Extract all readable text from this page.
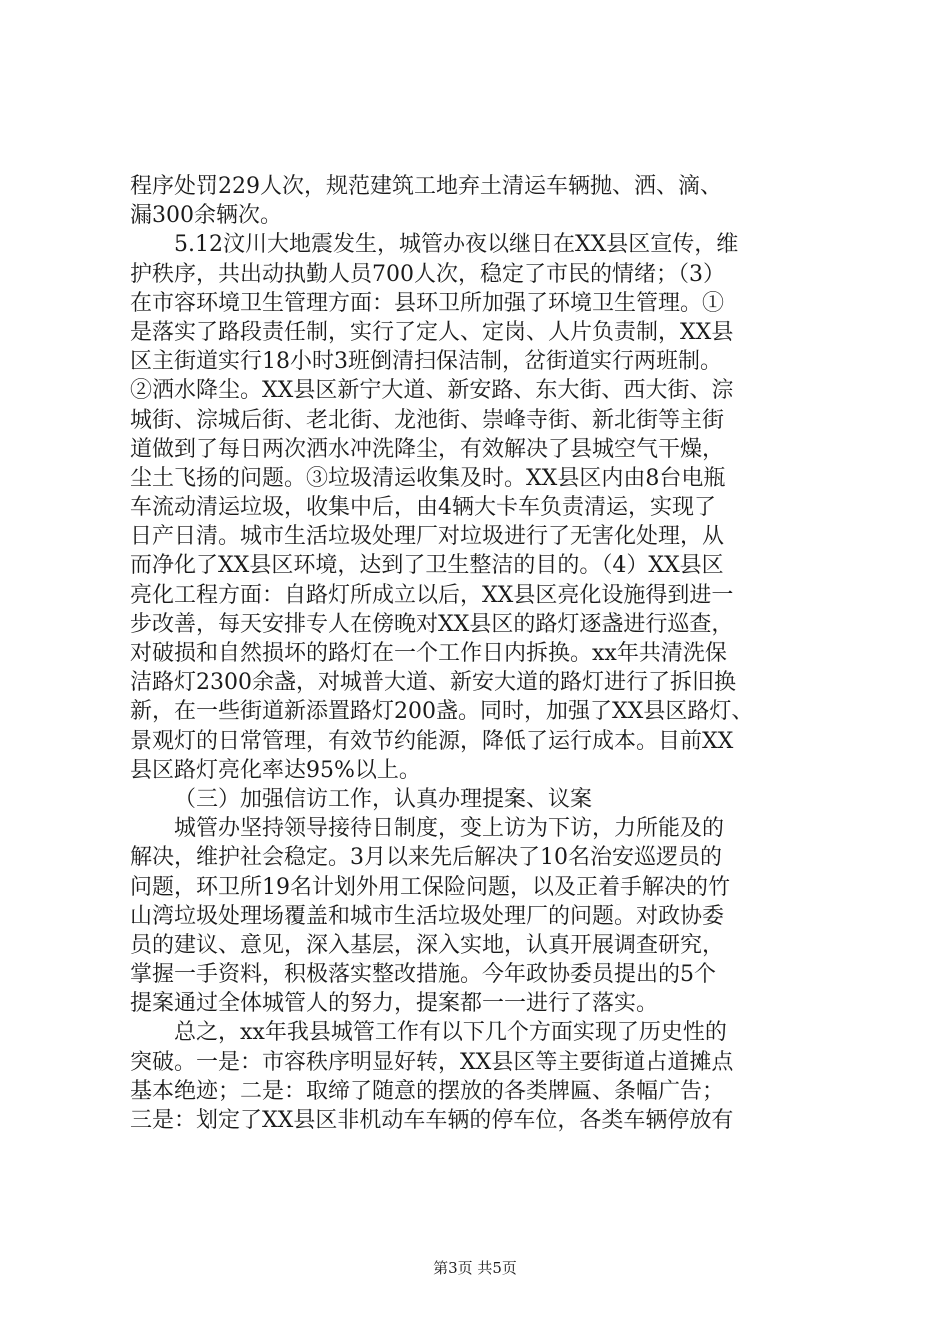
程序处罚229人次，规范建筑工地弃土清运车辆抛、洒、滴、
漏300余辆次。
5.12汶川大地震发生，城管办夜以继日在XX县区宣传，维
护秩序，共出动执勤人员700人次，稳定了市民的情绪；（3）
在市容环境卫生管理方面：县环卫所加强了环境卫生管理。①
是落实了路段责任制，实行了定人、定岗、人片负责制，XX县
区主街道实行18小时3班倒清扫保洁制，岔街道实行两班制。
②洒水降尘。XX县区新宁大道、新安路、东大街、西大街、淙
城街、淙城后街、老北街、龙池街、崇峰寺街、新北街等主街
道做到了每日两次洒水冲洗降尘，有效解决了县城空气干燥，
尘土飞扬的问题。③垃圾清运收集及时。XX县区内由8台电瓶
车流动清运垃圾，收集中后，由4辆大卡车负责清运，实现了
日产日清。城市生活垃圾处理厂对垃圾进行了无害化处理，从
而净化了XX县区环境，达到了卫生整洁的目的。（4）XX县区
亮化工程方面：自路灯所成立以后，XX县区亮化设施得到进一
步改善，每天安排专人在傍晚对XX县区的路灯逐盏进行巡查，
对破损和自然损坏的路灯在一个工作日内拆换。xx年共清洗保
洁路灯2300余盏，对城普大道、新安大道的路灯进行了拆旧换
新，在一些街道新添置路灯200盏。同时，加强了XX县区路灯、
景观灯的日常管理，有效节约能源，降低了运行成本。目前XX
县区路灯亮化率达95%以上。
（三）加强信访工作，认真办理提案、议案
城管办坚持领导接待日制度，变上访为下访，力所能及的
解决，维护社会稳定。3月以来先后解决了10名治安巡逻员的
问题，环卫所19名计划外用工保险问题，以及正着手解决的竹
山湾垃圾处理场覆盖和城市生活垃圾处理厂的问题。对政协委
员的建议、意见，深入基层，深入实地，认真开展调查研究，
掌握一手资料，积极落实整改措施。今年政协委员提出的5个
提案通过全体城管人的努力，提案都一一进行了落实。
总之，xx年我县城管工作有以下几个方面实现了历史性的
突破。一是：市容秩序明显好转，XX县区等主要街道占道摊点
基本绝迹；二是：取缔了随意的摆放的各类牌匾、条幅广告；
三是：划定了XX县区非机动车车辆的停车位，各类车辆停放有
第3页 共5页
